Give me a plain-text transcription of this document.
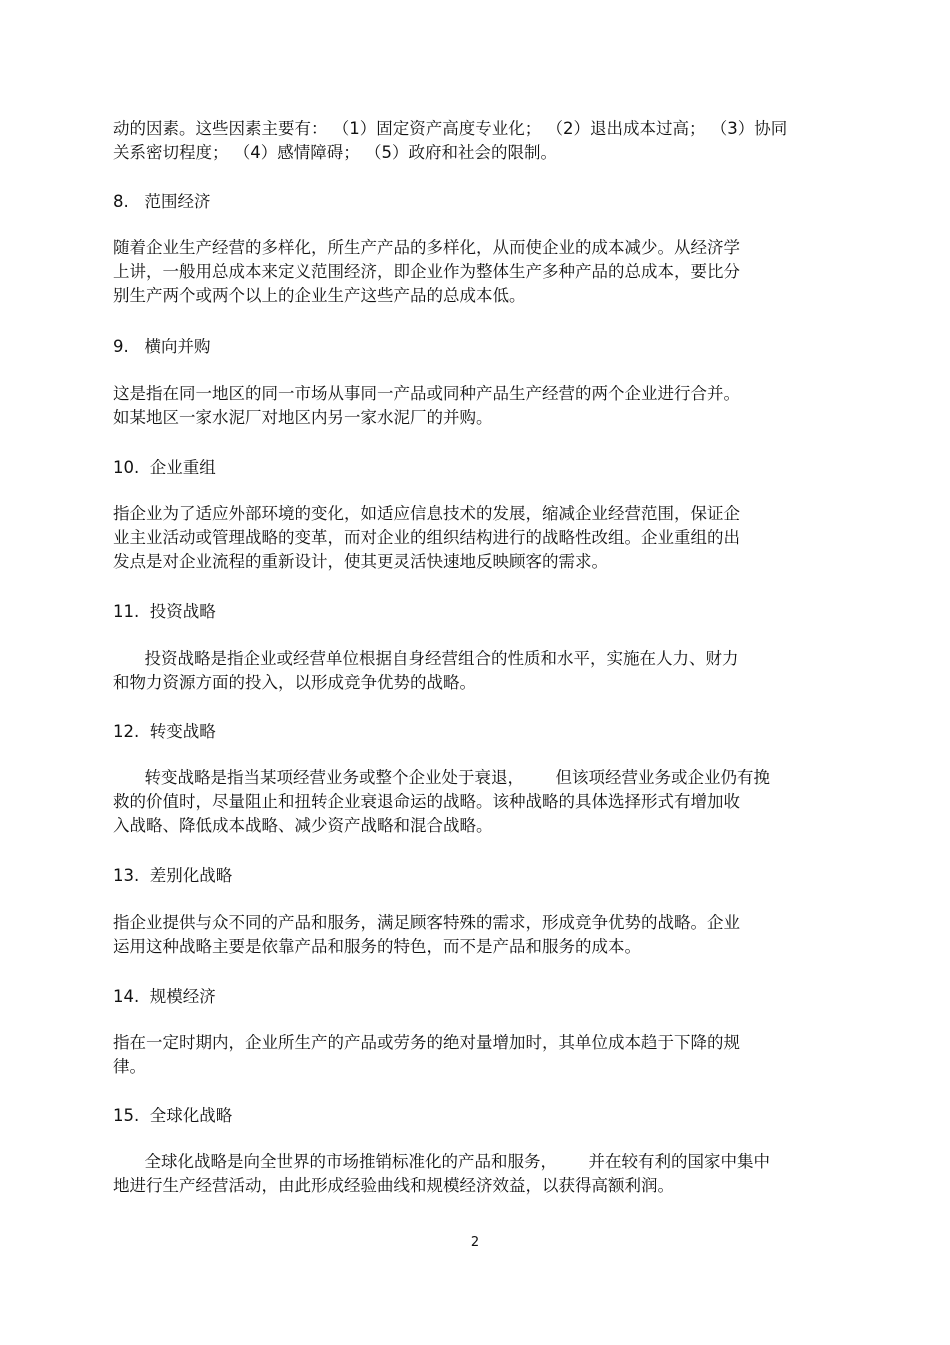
动的因素。这些因素主要有： （1）固定资产高度专业化； （2）退出成本过高； （3）协同
关系密切程度； （4）感情障碍； （5）政府和社会的限制。
8.   范围经济
随着企业生产经营的多样化，所生产产品的多样化，从而使企业的成本减少。从经济学
上讲，一般用总成本来定义范围经济，即企业作为整体生产多种产品的总成本，要比分
别生产两个或两个以上的企业生产这些产品的总成本低。
9.   横向并购
这是指在同一地区的同一市场从事同一产品或同种产品生产经营的两个企业进行合并。
如某地区一家水泥厂对地区内另一家水泥厂的并购。
10.  企业重组
指企业为了适应外部环境的变化，如适应信息技术的发展，缩减企业经营范围，保证企
业主业活动或管理战略的变革，而对企业的组织结构进行的战略性改组。企业重组的出
发点是对企业流程的重新设计，使其更灵活快速地反映顾客的需求。
11.  投资战略
投资战略是指企业或经营单位根据自身经营组合的性质和水平，实施在人力、财力
和物力资源方面的投入，以形成竞争优势的战略。
12.  转变战略
转变战略是指当某项经营业务或整个企业处于衰退，      但该项经营业务或企业仍有挽
救的价值时，尽量阻止和扭转企业衰退命运的战略。该种战略的具体选择形式有增加收
入战略、降低成本战略、减少资产战略和混合战略。
13.  差别化战略
指企业提供与众不同的产品和服务，满足顾客特殊的需求，形成竞争优势的战略。企业
运用这种战略主要是依靠产品和服务的特色，而不是产品和服务的成本。
14.  规模经济
指在一定时期内，企业所生产的产品或劳务的绝对量增加时，其单位成本趋于下降的规
律。
15.  全球化战略
全球化战略是向全世界的市场推销标准化的产品和服务，      并在较有利的国家中集中
地进行生产经营活动，由此形成经验曲线和规模经济效益，以获得高额利润。
2
